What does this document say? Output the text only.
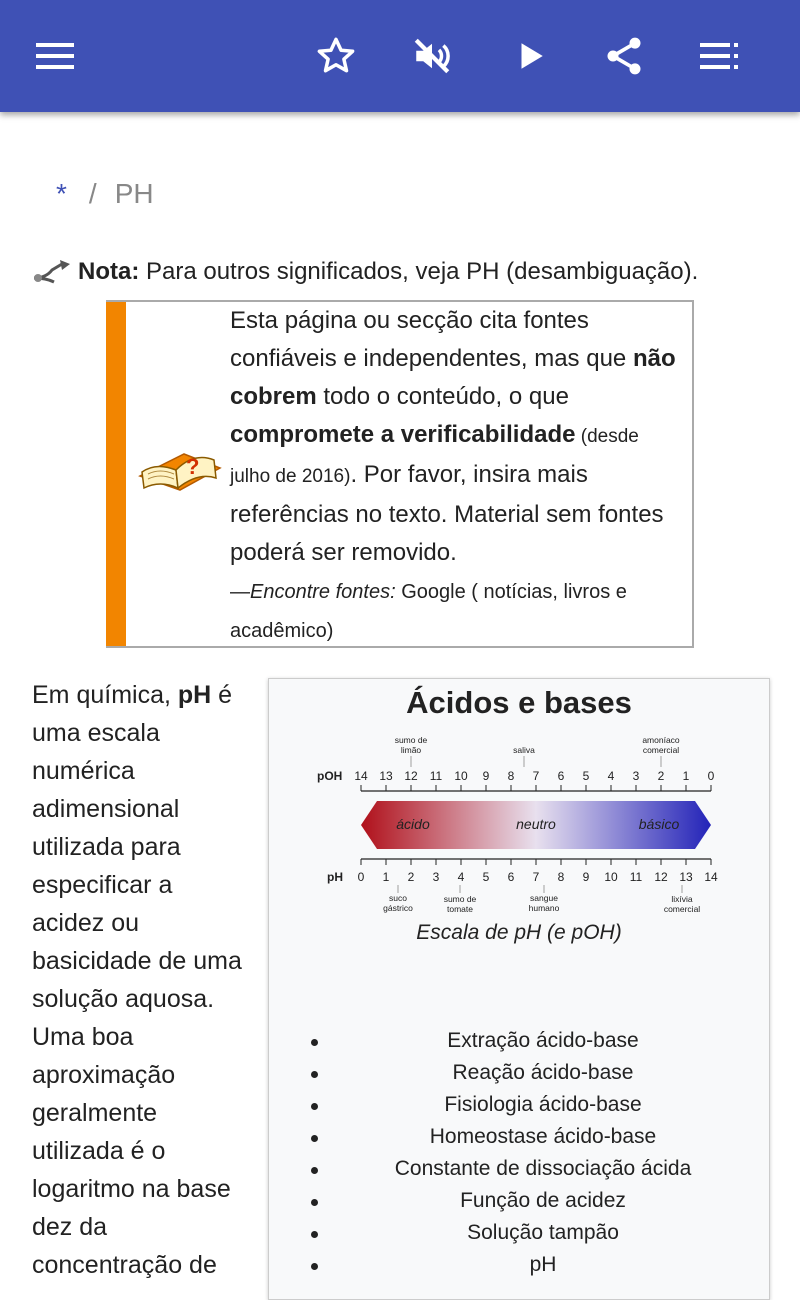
* / PH
Nota: Para outros significados, veja PH (desambiguação).
?
Esta página ou secção cita fontes confiáveis e independentes, mas que não cobrem todo o conteúdo, o que compromete a verificabilidade (desde julho de 2016). Por favor, insira mais referências no texto. Material sem fontes poderá ser removido.
—Encontre fontes: Google ( notícias, livros e acadêmico)
Em química, pH é uma escala numérica adimensional utilizada para especificar a acidez ou basicidade de uma solução aquosa. Uma boa aproximação geralmente utilizada é o logaritmo na base dez da concentração de
Ácidos e bases
pOH 14 13 12 11 10 9 8 7 6 5 4 3 2 1 0
ácido	neutro	básico
pH 0 1 2 3 4 5 6 7 8 9 10 11 12 13 14
sumo de
limão	saliva
amoníaco
comercial
suco
gástrico
sumo de
tomate
sangue
humano
lixívia
comercial
Escala de pH (e pOH)
Extração ácido-base
Reação ácido-base
Fisiologia ácido-base
Homeostase ácido-base
Constante de dissociação ácida
Função de acidez
Solução tampão
pH
